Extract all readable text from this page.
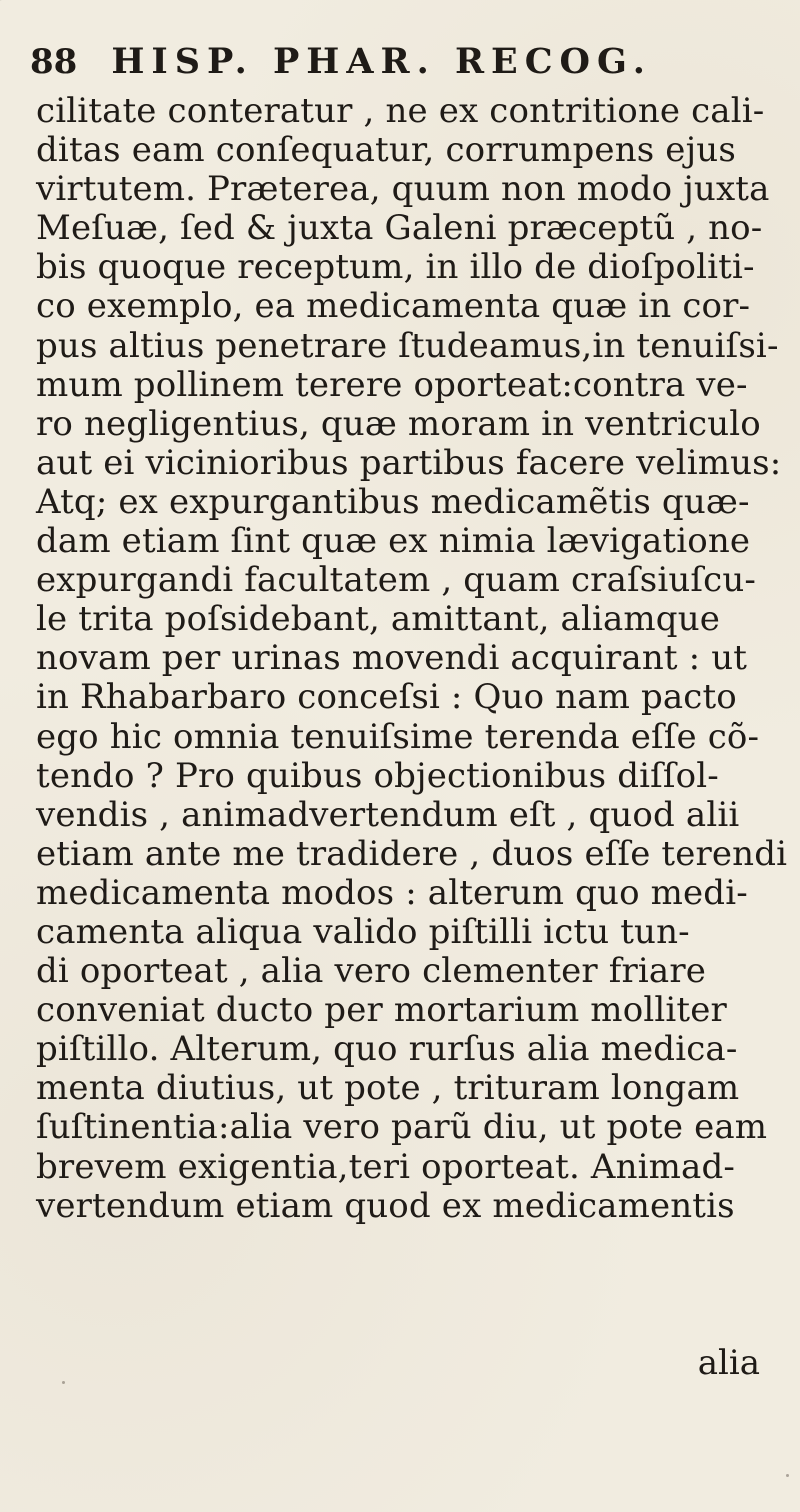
88 HISP. PHAR. RECOG.
cilitate conteratur , ne ex contritione cali-
ditas eam conſequatur, corrumpens ejus
virtutem. Præterea, quum non modo juxta
Meſuæ, ſed & juxta Galeni præceptũ , no-
bis quoque receptum, in illo de dioſpoliti-
co exemplo, ea medicamenta quæ in cor-
pus altius penetrare ſtudeamus,in tenuiſsi-
mum pollinem terere oporteat:contra ve-
ro negligentius, quæ moram in ventriculo
aut ei vicinioribus partibus facere velimus:
Atq; ex expurgantibus medicamẽtis quæ-
dam etiam ſint quæ ex nimia lævigatione
expurgandi facultatem , quam craſsiuſcu-
le trita poſsidebant, amittant, aliamque
novam per urinas movendi acquirant : ut
in Rhabarbaro conceſsi : Quo nam pacto
ego hic omnia tenuiſsime terenda eſſe cõ-
tendo ? Pro quibus objectionibus diſſol-
vendis , animadvertendum eſt , quod alii
etiam ante me tradidere , duos eſſe terendi
medicamenta modos : alterum quo medi-
camenta aliqua valido piſtilli ictu tun-
di oporteat , alia vero clementer friare
conveniat ducto per mortarium molliter
piſtillo. Alterum, quo rurſus alia medica-
menta diutius, ut pote , trituram longam
ſuſtinentia:alia vero parũ diu, ut pote eam
brevem exigentia,teri oporteat. Animad-
vertendum etiam quod ex medicamentis
alia
